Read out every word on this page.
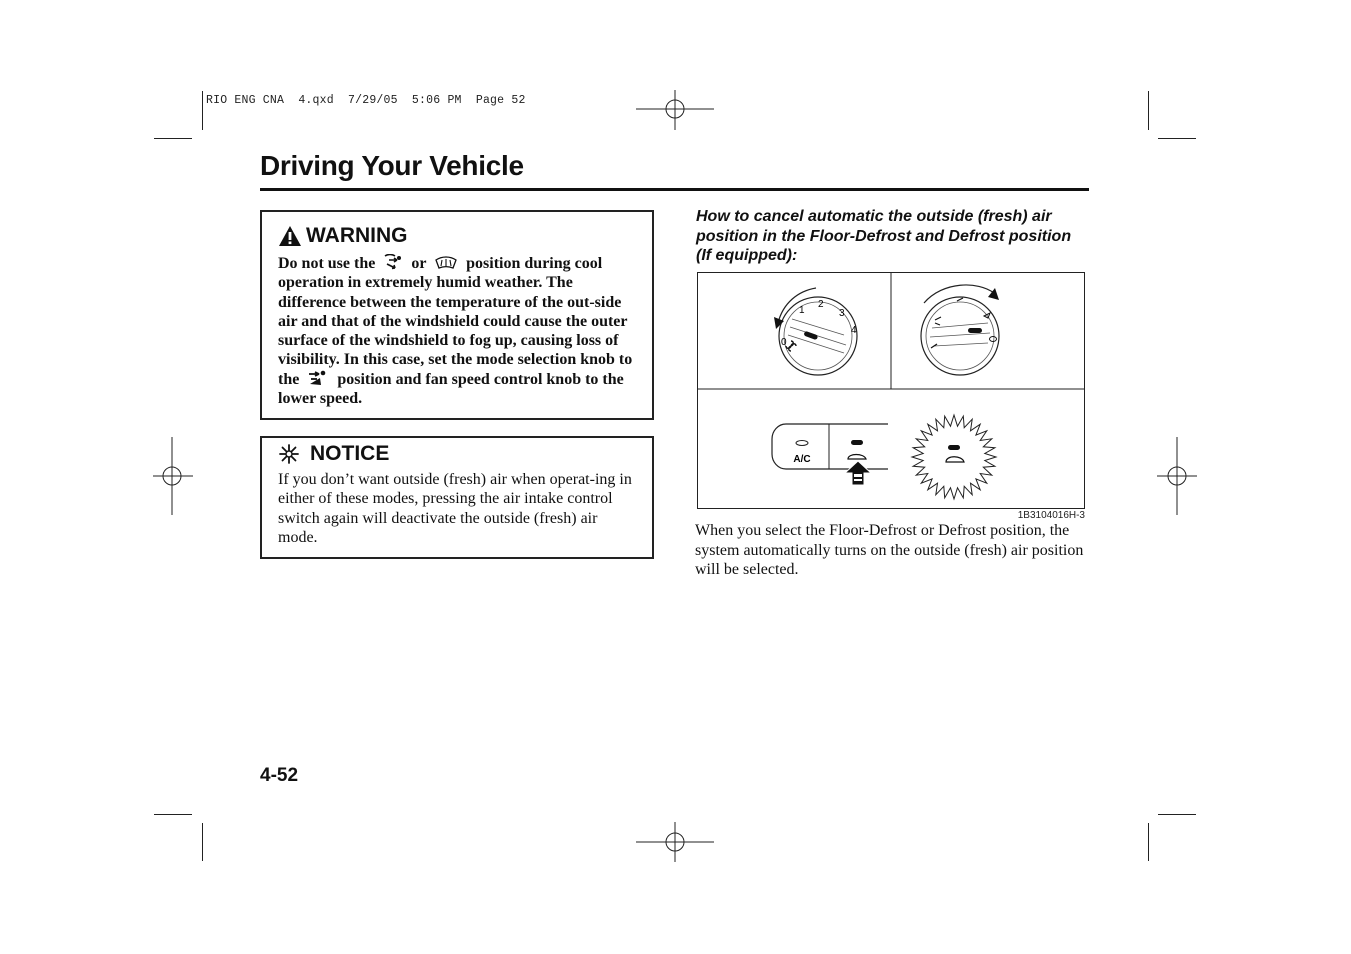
RIO ENG CNA  4.qxd  7/29/05  5:06 PM  Page 52
Driving Your Vehicle
WARNING
Do not use the or	position during cool operation in extremely humid weather. The difference between the temperature of the out-side air and that of the windshield could cause the outer surface of the windshield to fog up, causing loss of visibility. In this case, set the mode selection knob to the position and fan speed control knob to the lower speed.
NOTICE
If you don’t want outside (fresh) air when operat-ing in either of these modes, pressing the air intake control switch again will deactivate the outside (fresh) air mode.
How to cancel automatic the outside (fresh) air position in the Floor-Defrost and Defrost position (If equipped):
0
1
2
3
4
A/C
1B3104016H-3
When you select the Floor-Defrost or Defrost position, the system automatically turns on the outside (fresh) air position will be selected.
4-52
